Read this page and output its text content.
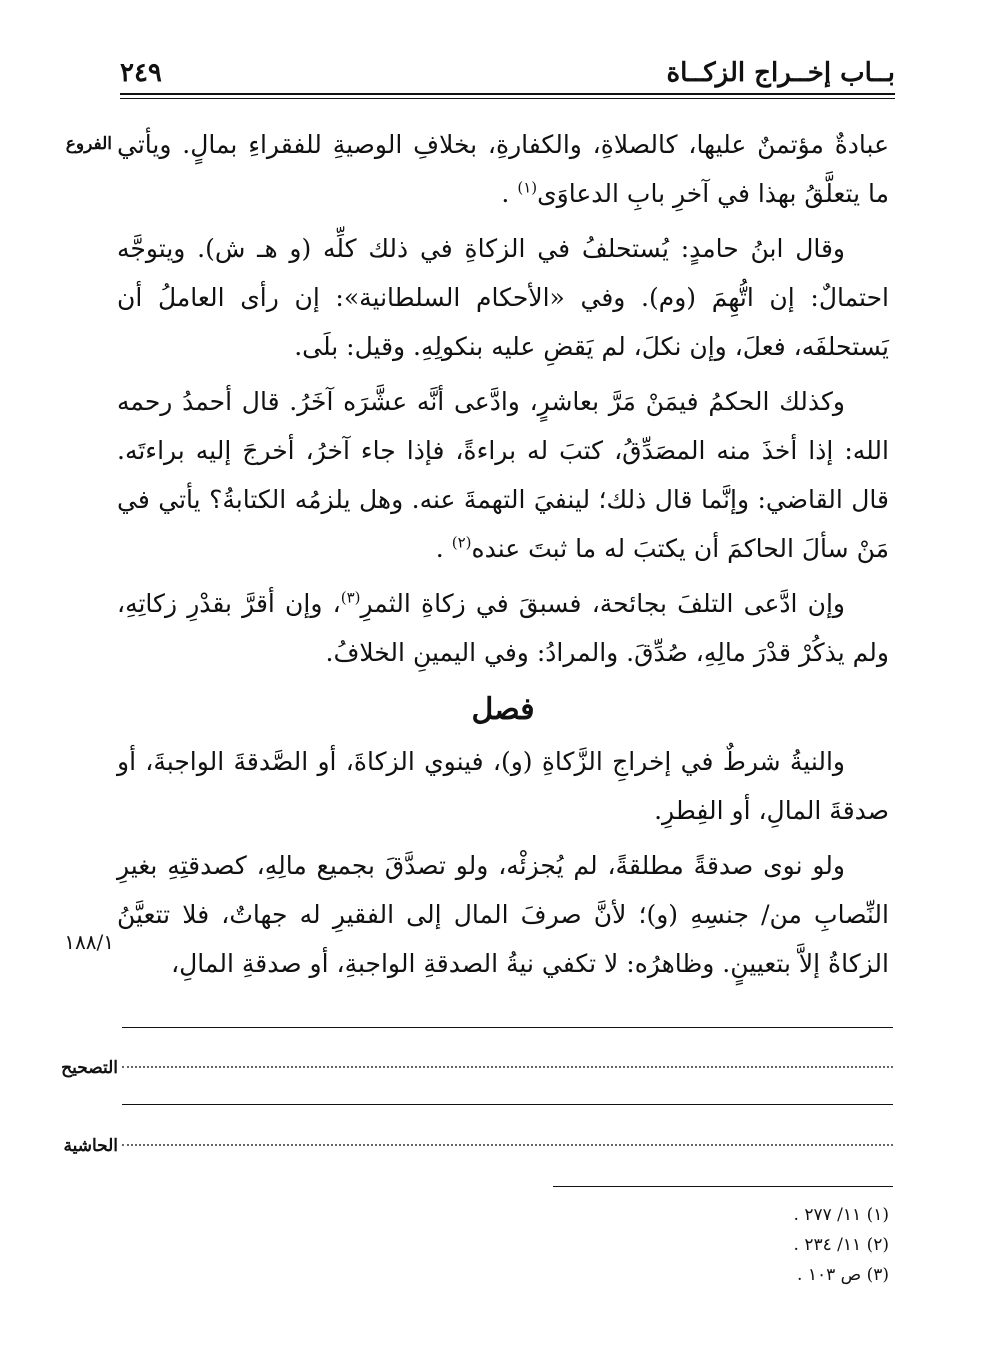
بــاب إخــراج الزكــاة
٢٤٩
الفروع
١٨٨/١

عبادةٌ مؤتمنٌ عليها، كالصلاةِ، والكفارةِ، بخلافِ الوصيةِ للفقراءِ بمالٍ. ويأتي ما يتعلَّقُ بهذا في آخرِ بابِ الدعاوَى$^{(١)}$ .

وقال ابنُ حامدٍ: يُستحلفُ في الزكاةِ في ذلك كلِّه (و هـ ش). ويتوجَّه احتمالٌ: إن اتُّهِمَ (وم). وفي «الأحكام السلطانية»: إن رأى العاملُ أن يَستحلفَه، فعلَ، وإن نكلَ، لم يَقضِ عليه بنكولِهِ. وقيل: بلَى.

وكذلك الحكمُ فيمَنْ مَرَّ بعاشرٍ، وادَّعى أنَّه عشَّرَه آخَرُ. قال أحمدُ رحمه الله: إذا أخذَ منه المصَدِّقُ، كتبَ له براءةً، فإذا جاء آخرُ، أخرجَ إليه براءتَه. قال القاضي: وإنَّما قال ذلك؛ لينفيَ التهمةَ عنه. وهل يلزمُه الكتابةُ؟ يأتي في مَنْ سألَ الحاكمَ أن يكتبَ له ما ثبتَ عنده$^{(٢)}$ .

وإن ادَّعى التلفَ بجائحة، فسبقَ في زكاةِ الثمرِ$^{(٣)}$، وإن أقرَّ بقدْرِ زكاتِهِ، ولم يذكُرْ قدْرَ مالِهِ، صُدِّقَ. والمرادُ: وفي اليمينِ الخلافُ.

فصل

والنيةُ شرطٌ في إخراجِ الزَّكاةِ (و)، فينوي الزكاةَ، أو الصَّدقةَ الواجبةَ، أو صدقةَ المالِ، أو الفِطرِ.

ولو نوى صدقةً مطلقةً، لم يُجزئْه، ولو تصدَّقَ بجميع مالِهِ، كصدقتِهِ بغيرِ النِّصابِ من/ جنسِهِ (و)؛ لأنَّ صرفَ المال إلى الفقيرِ له جهاتٌ، فلا تتعيَّنُ الزكاةُ إلاَّ بتعيينٍ. وظاهرُه: لا تكفي نيةُ الصدقةِ الواجبةِ، أو صدقةِ المالِ،

التصحيح
الحاشية
(١) ١١/ ٢٧٧ .
(٢) ١١/ ٢٣٤ .
(٣) ص ١٠٣ .
